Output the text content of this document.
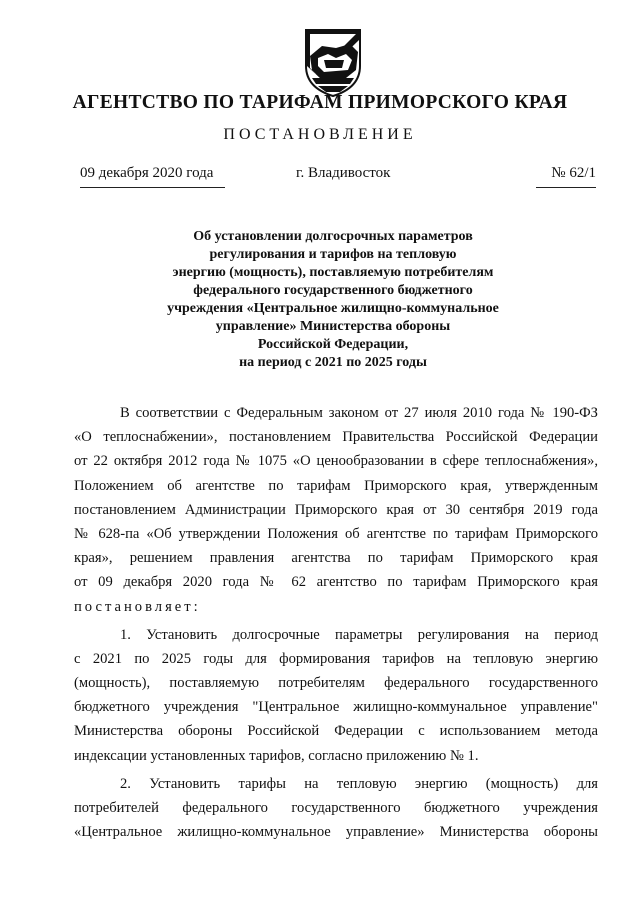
АГЕНТСТВО ПО ТАРИФАМ ПРИМОРСКОГО КРАЯ
ПОСТАНОВЛЕНИЕ
09 декабря 2020 года	г. Владивосток	№ 62/1
Об установлении долгосрочных параметров
регулирования и тарифов на тепловую
энергию (мощность), поставляемую потребителям
федерального государственного бюджетного
учреждения «Центральное жилищно-коммунальное
управление» Министерства обороны
Российской Федерации,
на период с 2021 по 2025 годы
В соответствии с Федеральным законом от 27 июля 2010 года № 190-ФЗ
«О теплоснабжении», постановлением Правительства Российской Федерации
от 22 октября 2012 года № 1075 «О ценообразовании в сфере теплоснабжения»,
Положением об агентстве по тарифам Приморского края, утвержденным
постановлением Администрации Приморского края от 30 сентября 2019 года
№ 628-па «Об утверждении Положения об агентстве по тарифам Приморского
края», решением правления агентства по тарифам Приморского края
от 09 декабря 2020 года № 62 агентство по тарифам Приморского края
постановляет:
1. Установить долгосрочные параметры регулирования на период
с 2021 по 2025 годы для формирования тарифов на тепловую энергию
(мощность), поставляемую потребителям федерального государственного
бюджетного учреждения "Центральное жилищно-коммунальное управление"
Министерства обороны Российской Федерации с использованием метода
индексации установленных тарифов, согласно приложению № 1.
2. Установить тарифы на тепловую энергию (мощность) для
потребителей федерального государственного бюджетного учреждения
«Центральное жилищно-коммунальное управление» Министерства обороны
